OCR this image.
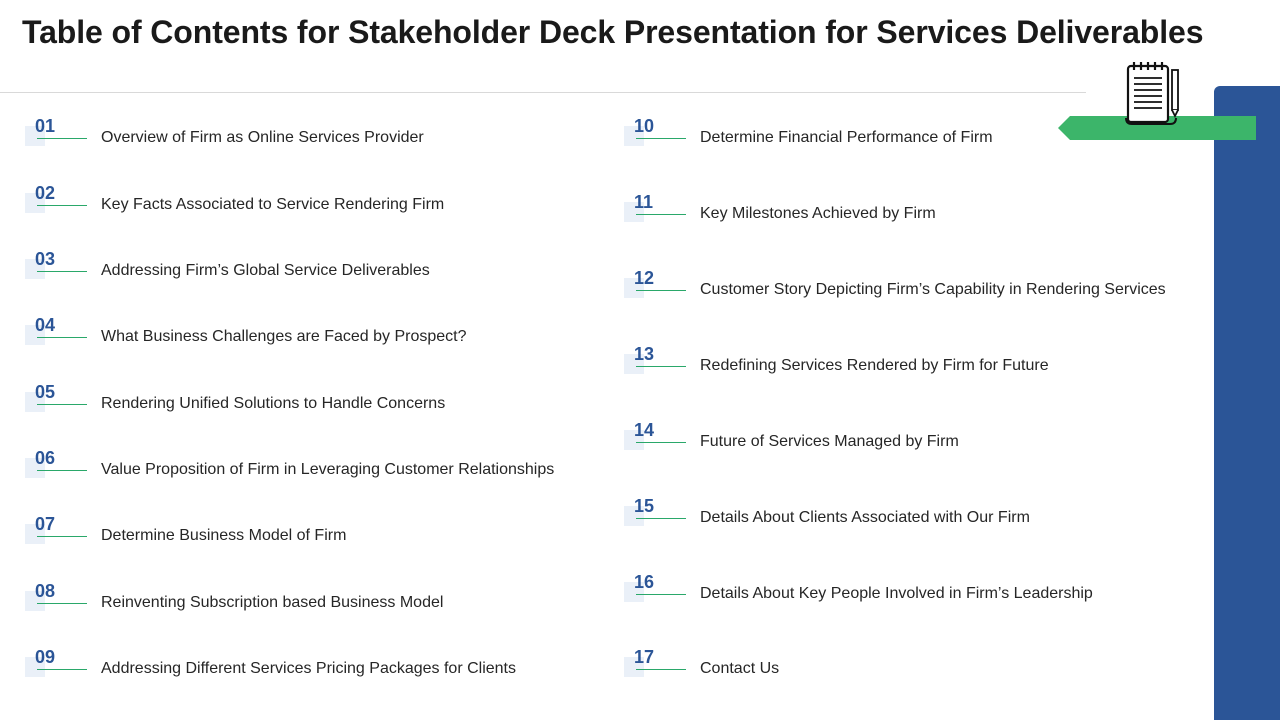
Table of Contents for Stakeholder Deck Presentation for Services Deliverables
01
Overview of Firm as Online Services Provider
02
Key Facts Associated to Service Rendering Firm
03
Addressing Firm’s Global Service Deliverables
04
What Business Challenges are Faced by Prospect?
05
Rendering Unified Solutions to Handle Concerns
06
Value Proposition of Firm in Leveraging Customer Relationships
07
Determine Business Model of Firm
08
Reinventing Subscription based Business Model
09
Addressing Different Services Pricing Packages for Clients
10
Determine Financial Performance of Firm
11
Key Milestones Achieved by Firm
12
Customer Story Depicting Firm’s Capability in Rendering Services
13
Redefining Services Rendered by Firm for Future
14
Future of Services Managed by Firm
15
Details About Clients Associated with Our Firm
16
Details About Key People Involved in Firm’s Leadership
17
Contact Us
